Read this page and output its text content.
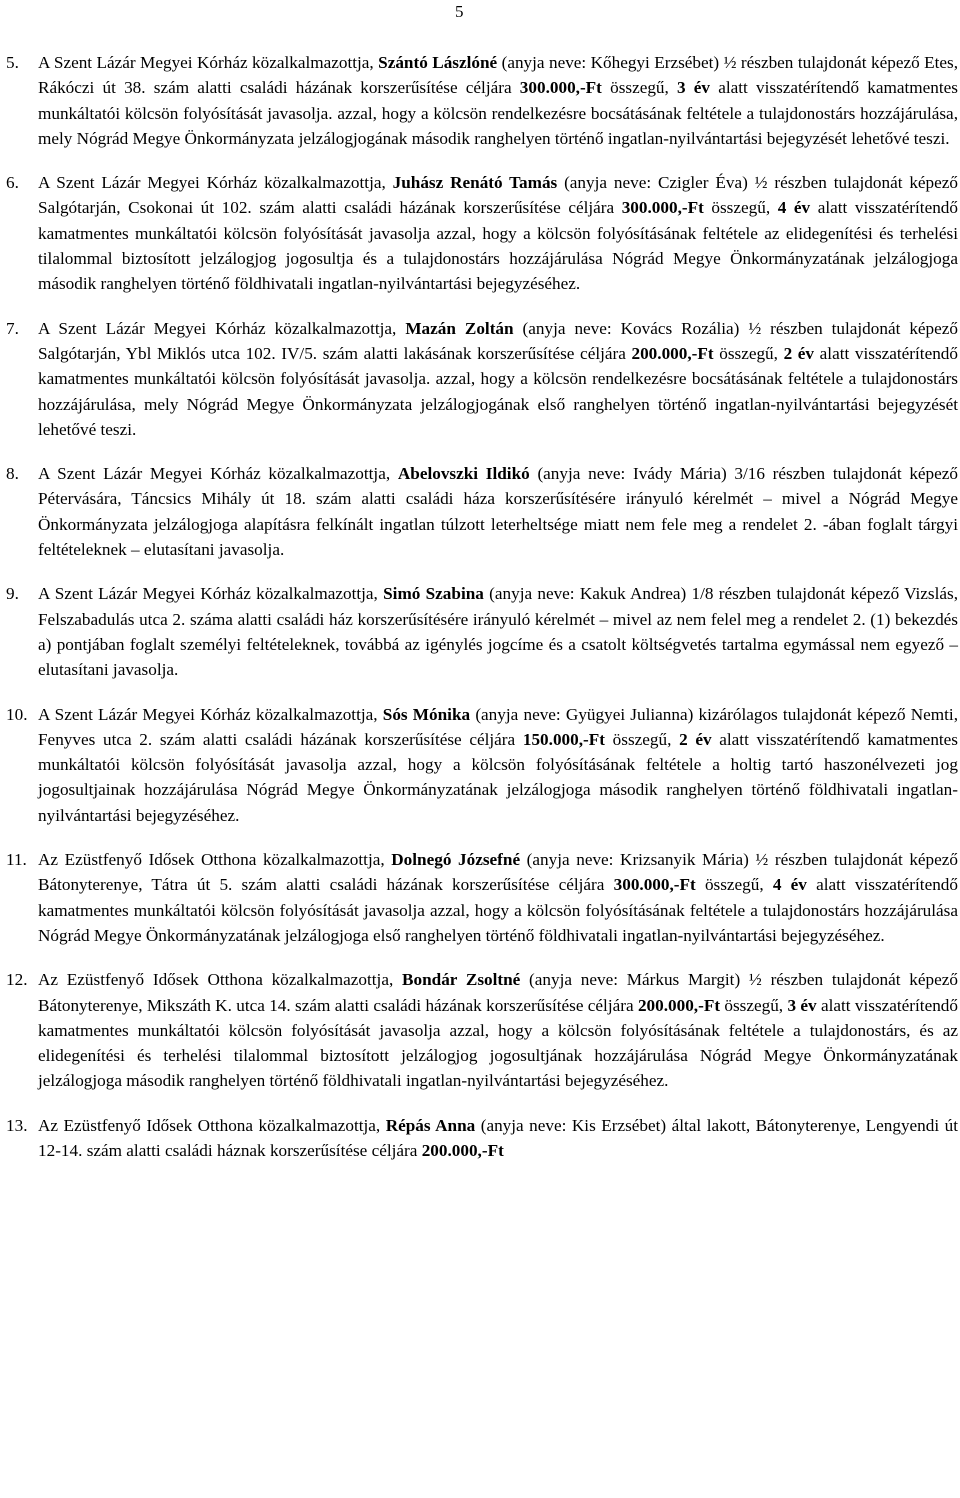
5
5.	A Szent Lázár Megyei Kórház közalkalmazottja, Szántó Lászlóné (anyja neve: Kőhegyi Erzsébet) ½ részben tulajdonát képező Etes, Rákóczi út 38. szám alatti családi házának korszerűsítése céljára 300.000,-Ft összegű, 3 év alatt visszatérítendő kamatmentes munkáltatói kölcsön folyósítását javasolja. azzal, hogy a kölcsön rendelkezésre bocsátásának feltétele a tulajdonostárs hozzájárulása, mely Nógrád Megye Önkormányzata jelzálogjogának második ranghelyen történő ingatlan-nyilvántartási bejegyzését lehetővé teszi.
6.	A Szent Lázár Megyei Kórház közalkalmazottja, Juhász Renátó Tamás (anyja neve: Czigler Éva) ½ részben tulajdonát képező Salgótarján, Csokonai út 102. szám alatti családi házának korszerűsítése céljára 300.000,-Ft összegű, 4 év alatt visszatérítendő kamatmentes munkáltatói kölcsön folyósítását javasolja azzal, hogy a kölcsön folyósításának feltétele az elidegenítési és terhelési tilalommal biztosított jelzálogjog jogosultja és a tulajdonostárs hozzájárulása Nógrád Megye Önkormányzatának jelzálogjoga második ranghelyen történő földhivatali ingatlan-nyilvántartási bejegyzéséhez.
7.	A Szent Lázár Megyei Kórház közalkalmazottja, Mazán Zoltán (anyja neve: Kovács Rozália) ½ részben tulajdonát képező Salgótarján, Ybl Miklós utca 102. IV/5. szám alatti lakásának korszerűsítése céljára 200.000,-Ft összegű, 2 év alatt visszatérítendő kamatmentes munkáltatói kölcsön folyósítását javasolja. azzal, hogy a kölcsön rendelkezésre bocsátásának feltétele a tulajdonostárs hozzájárulása, mely Nógrád Megye Önkormányzata jelzálogjogának első ranghelyen történő ingatlan-nyilvántartási bejegyzését lehetővé teszi.
8.	A Szent Lázár Megyei Kórház közalkalmazottja, Abelovszki Ildikó (anyja neve: Ivády Mária) 3/16 részben tulajdonát képező Pétervására, Táncsics Mihály út 18. szám alatti családi háza korszerűsítésére irányuló kérelmét – mivel a Nógrád Megye Önkormányzata jelzálogjoga alapításra felkínált ingatlan túlzott leterheltsége miatt nem fele meg a rendelet 2. -ában foglalt tárgyi feltételeknek – elutasítani javasolja.
9.	A Szent Lázár Megyei Kórház közalkalmazottja, Simó Szabina (anyja neve: Kakuk Andrea) 1/8 részben tulajdonát képező Vizslás, Felszabadulás utca 2. száma alatti családi ház korszerűsítésére irányuló kérelmét – mivel az nem felel meg a rendelet 2. (1) bekezdés a) pontjában foglalt személyi feltételeknek, továbbá az igénylés jogcíme és a csatolt költségvetés tartalma egymással nem egyező – elutasítani javasolja.
10. A Szent Lázár Megyei Kórház közalkalmazottja, Sós Mónika (anyja neve: Gyügyei Julianna) kizárólagos tulajdonát képező Nemti, Fenyves utca 2. szám alatti családi házának korszerűsítése céljára 150.000,-Ft összegű, 2 év alatt visszatérítendő kamatmentes munkáltatói kölcsön folyósítását javasolja azzal, hogy a kölcsön folyósításának feltétele a holtig tartó haszonélvezeti jog jogosultjainak hozzájárulása Nógrád Megye Önkormányzatának jelzálogjoga második ranghelyen történő földhivatali ingatlan-nyilvántartási bejegyzéséhez.
11. Az Ezüstfenyő Idősek Otthona közalkalmazottja, Dolnegó Józsefné (anyja neve: Krizsanyik Mária) ½ részben tulajdonát képező Bátonyterenye, Tátra út 5. szám alatti családi házának korszerűsítése céljára 300.000,-Ft összegű, 4 év alatt visszatérítendő kamatmentes munkáltatói kölcsön folyósítását javasolja azzal, hogy a kölcsön folyósításának feltétele a tulajdonostárs hozzájárulása Nógrád Megye Önkormányzatának jelzálogjoga első ranghelyen történő földhivatali ingatlan-nyilvántartási bejegyzéséhez.
12. Az Ezüstfenyő Idősek Otthona közalkalmazottja, Bondár Zsoltné (anyja neve: Márkus Margit) ½ részben tulajdonát képező Bátonyterenye, Mikszáth K. utca 14. szám alatti családi házának korszerűsítése céljára 200.000,-Ft összegű, 3 év alatt visszatérítendő kamatmentes munkáltatói kölcsön folyósítását javasolja azzal, hogy a kölcsön folyósításának feltétele a tulajdonostárs, és az elidegenítési és terhelési tilalommal biztosított jelzálogjog jogosultjának hozzájárulása Nógrád Megye Önkormányzatának jelzálogjoga második ranghelyen történő földhivatali ingatlan-nyilvántartási bejegyzéséhez.
13. Az Ezüstfenyő Idősek Otthona közalkalmazottja, Répás Anna (anyja neve: Kis Erzsébet) által lakott, Bátonyterenye, Lengyendi út 12-14. szám alatti családi háznak korszerűsítése céljára 200.000,-Ft
